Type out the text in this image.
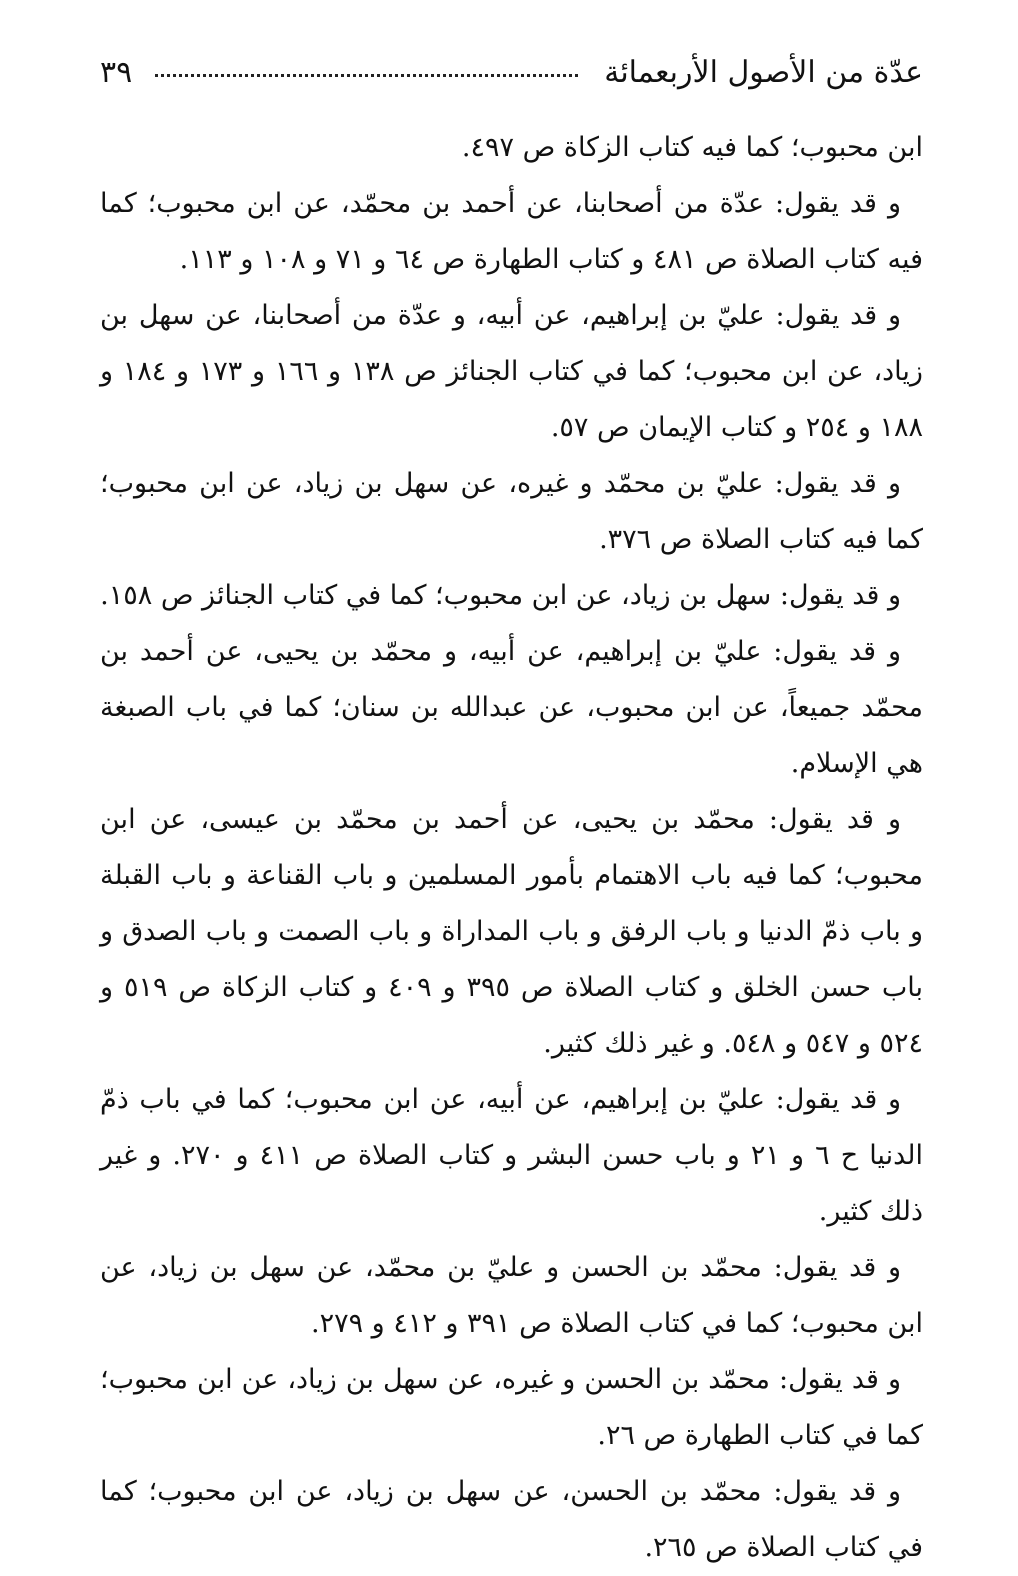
عدّة من الأصول الأربعمائة
٣٩

ابن محبوب؛ كما فيه كتاب الزكاة ص ٤٩٧.

و قد يقول: عدّة من أصحابنا، عن أحمد بن محمّد، عن ابن محبوب؛ كما فيه كتاب الصلاة ص ٤٨١ و كتاب الطهارة ص ٦٤ و ٧١ و ١٠٨ و ١١٣.

و قد يقول: عليّ بن إبراهيم، عن أبيه، و عدّة من أصحابنا، عن سهل بن زياد، عن ابن محبوب؛ كما في كتاب الجنائز ص ١٣٨ و ١٦٦ و ١٧٣ و ١٨٤ و ١٨٨ و ٢٥٤ و كتاب الإيمان ص ٥٧.

و قد يقول: عليّ بن محمّد و غيره، عن سهل بن زياد، عن ابن محبوب؛ كما فيه كتاب الصلاة ص ٣٧٦.

و قد يقول: سهل بن زياد، عن ابن محبوب؛ كما في كتاب الجنائز ص ١٥٨.

و قد يقول: عليّ بن إبراهيم، عن أبيه، و محمّد بن يحيى، عن أحمد بن محمّد جميعاً، عن ابن محبوب، عن عبدالله بن سنان؛ كما في باب الصبغة هي الإسلام.

و قد يقول: محمّد بن يحيى، عن أحمد بن محمّد بن عيسى، عن ابن محبوب؛ كما فيه باب الاهتمام بأمور المسلمين و باب القناعة و باب القبلة و باب ذمّ الدنيا و باب الرفق و باب المداراة و باب الصمت و باب الصدق و باب حسن الخلق و كتاب الصلاة ص ٣٩٥ و ٤٠٩ و كتاب الزكاة ص ٥١٩ و ٥٢٤ و ٥٤٧ و ٥٤٨. و غير ذلك كثير.

و قد يقول: عليّ بن إبراهيم، عن أبيه، عن ابن محبوب؛ كما في باب ذمّ الدنيا ح ٦ و ٢١ و باب حسن البشر و كتاب الصلاة ص ٤١١ و ٢٧٠. و غير ذلك كثير.

و قد يقول: محمّد بن الحسن و عليّ بن محمّد، عن سهل بن زياد، عن ابن محبوب؛ كما في كتاب الصلاة ص ٣٩١ و ٤١٢ و ٢٧٩.

و قد يقول: محمّد بن الحسن و غيره، عن سهل بن زياد، عن ابن محبوب؛ كما في كتاب الطهارة ص ٢٦.

و قد يقول: محمّد بن الحسن، عن سهل بن زياد، عن ابن محبوب؛ كما في كتاب الصلاة ص ٢٦٥.
